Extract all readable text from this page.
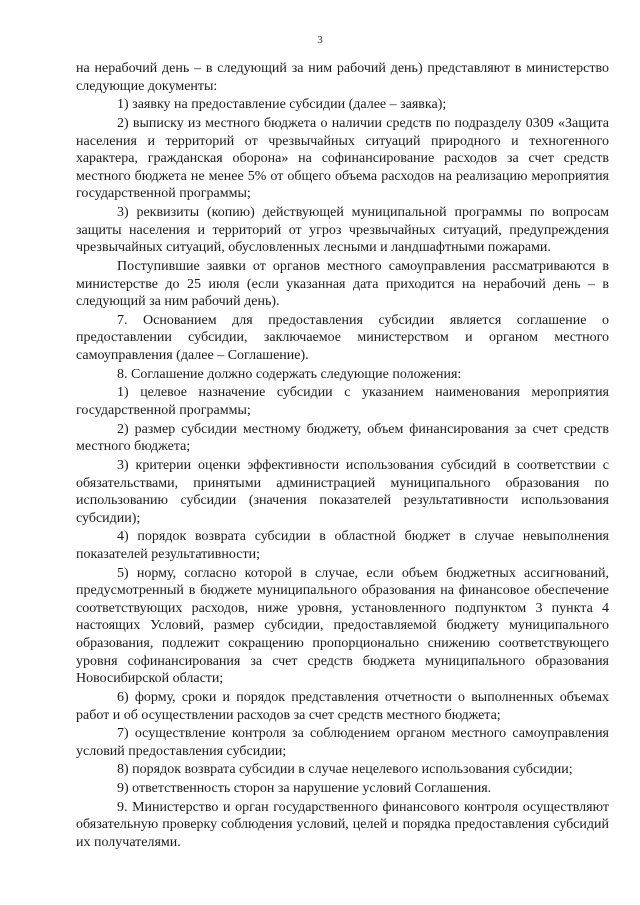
3

на нерабочий день – в следующий за ним рабочий день) представляют в министерство следующие документы:

1) заявку на предоставление субсидии (далее – заявка);

2) выписку из местного бюджета о наличии средств по подразделу 0309 «Защита населения и территорий от чрезвычайных ситуаций природного и техногенного характера, гражданская оборона» на софинансирование расходов за счет средств местного бюджета не менее 5% от общего объема расходов на реализацию мероприятия государственной программы;

3) реквизиты (копию) действующей муниципальной программы по вопросам защиты населения и территорий от угроз чрезвычайных ситуаций, предупреждения чрезвычайных ситуаций, обусловленных лесными и ландшафтными пожарами.

Поступившие заявки от органов местного самоуправления рассматриваются в министерстве до 25 июля (если указанная дата приходится на нерабочий день – в следующий за ним рабочий день).

7. Основанием для предоставления субсидии является соглашение о предоставлении субсидии, заключаемое министерством и органом местного самоуправления (далее – Соглашение).

8. Соглашение должно содержать следующие положения:

1) целевое назначение субсидии с указанием наименования мероприятия государственной программы;

2) размер субсидии местному бюджету, объем финансирования за счет средств местного бюджета;

3) критерии оценки эффективности использования субсидий в соответствии с обязательствами, принятыми администрацией муниципального образования по использованию субсидии (значения показателей результативности использования субсидии);

4) порядок возврата субсидии в областной бюджет в случае невыполнения показателей результативности;

5) норму, согласно которой в случае, если объем бюджетных ассигнований, предусмотренный в бюджете муниципального образования на финансовое обеспечение соответствующих расходов, ниже уровня, установленного подпунктом 3 пункта 4 настоящих Условий, размер субсидии, предоставляемой бюджету муниципального образования, подлежит сокращению пропорционально снижению соответствующего уровня софинансирования за счет средств бюджета муниципального образования Новосибирской области;

6) форму, сроки и порядок представления отчетности о выполненных объемах работ и об осуществлении расходов за счет средств местного бюджета;

7) осуществление контроля за соблюдением органом местного самоуправления условий предоставления субсидии;

8) порядок возврата субсидии в случае нецелевого использования субсидии;

9) ответственность сторон за нарушение условий Соглашения.

9. Министерство и орган государственного финансового контроля осуществляют обязательную проверку соблюдения условий, целей и порядка предоставления субсидий их получателями.
